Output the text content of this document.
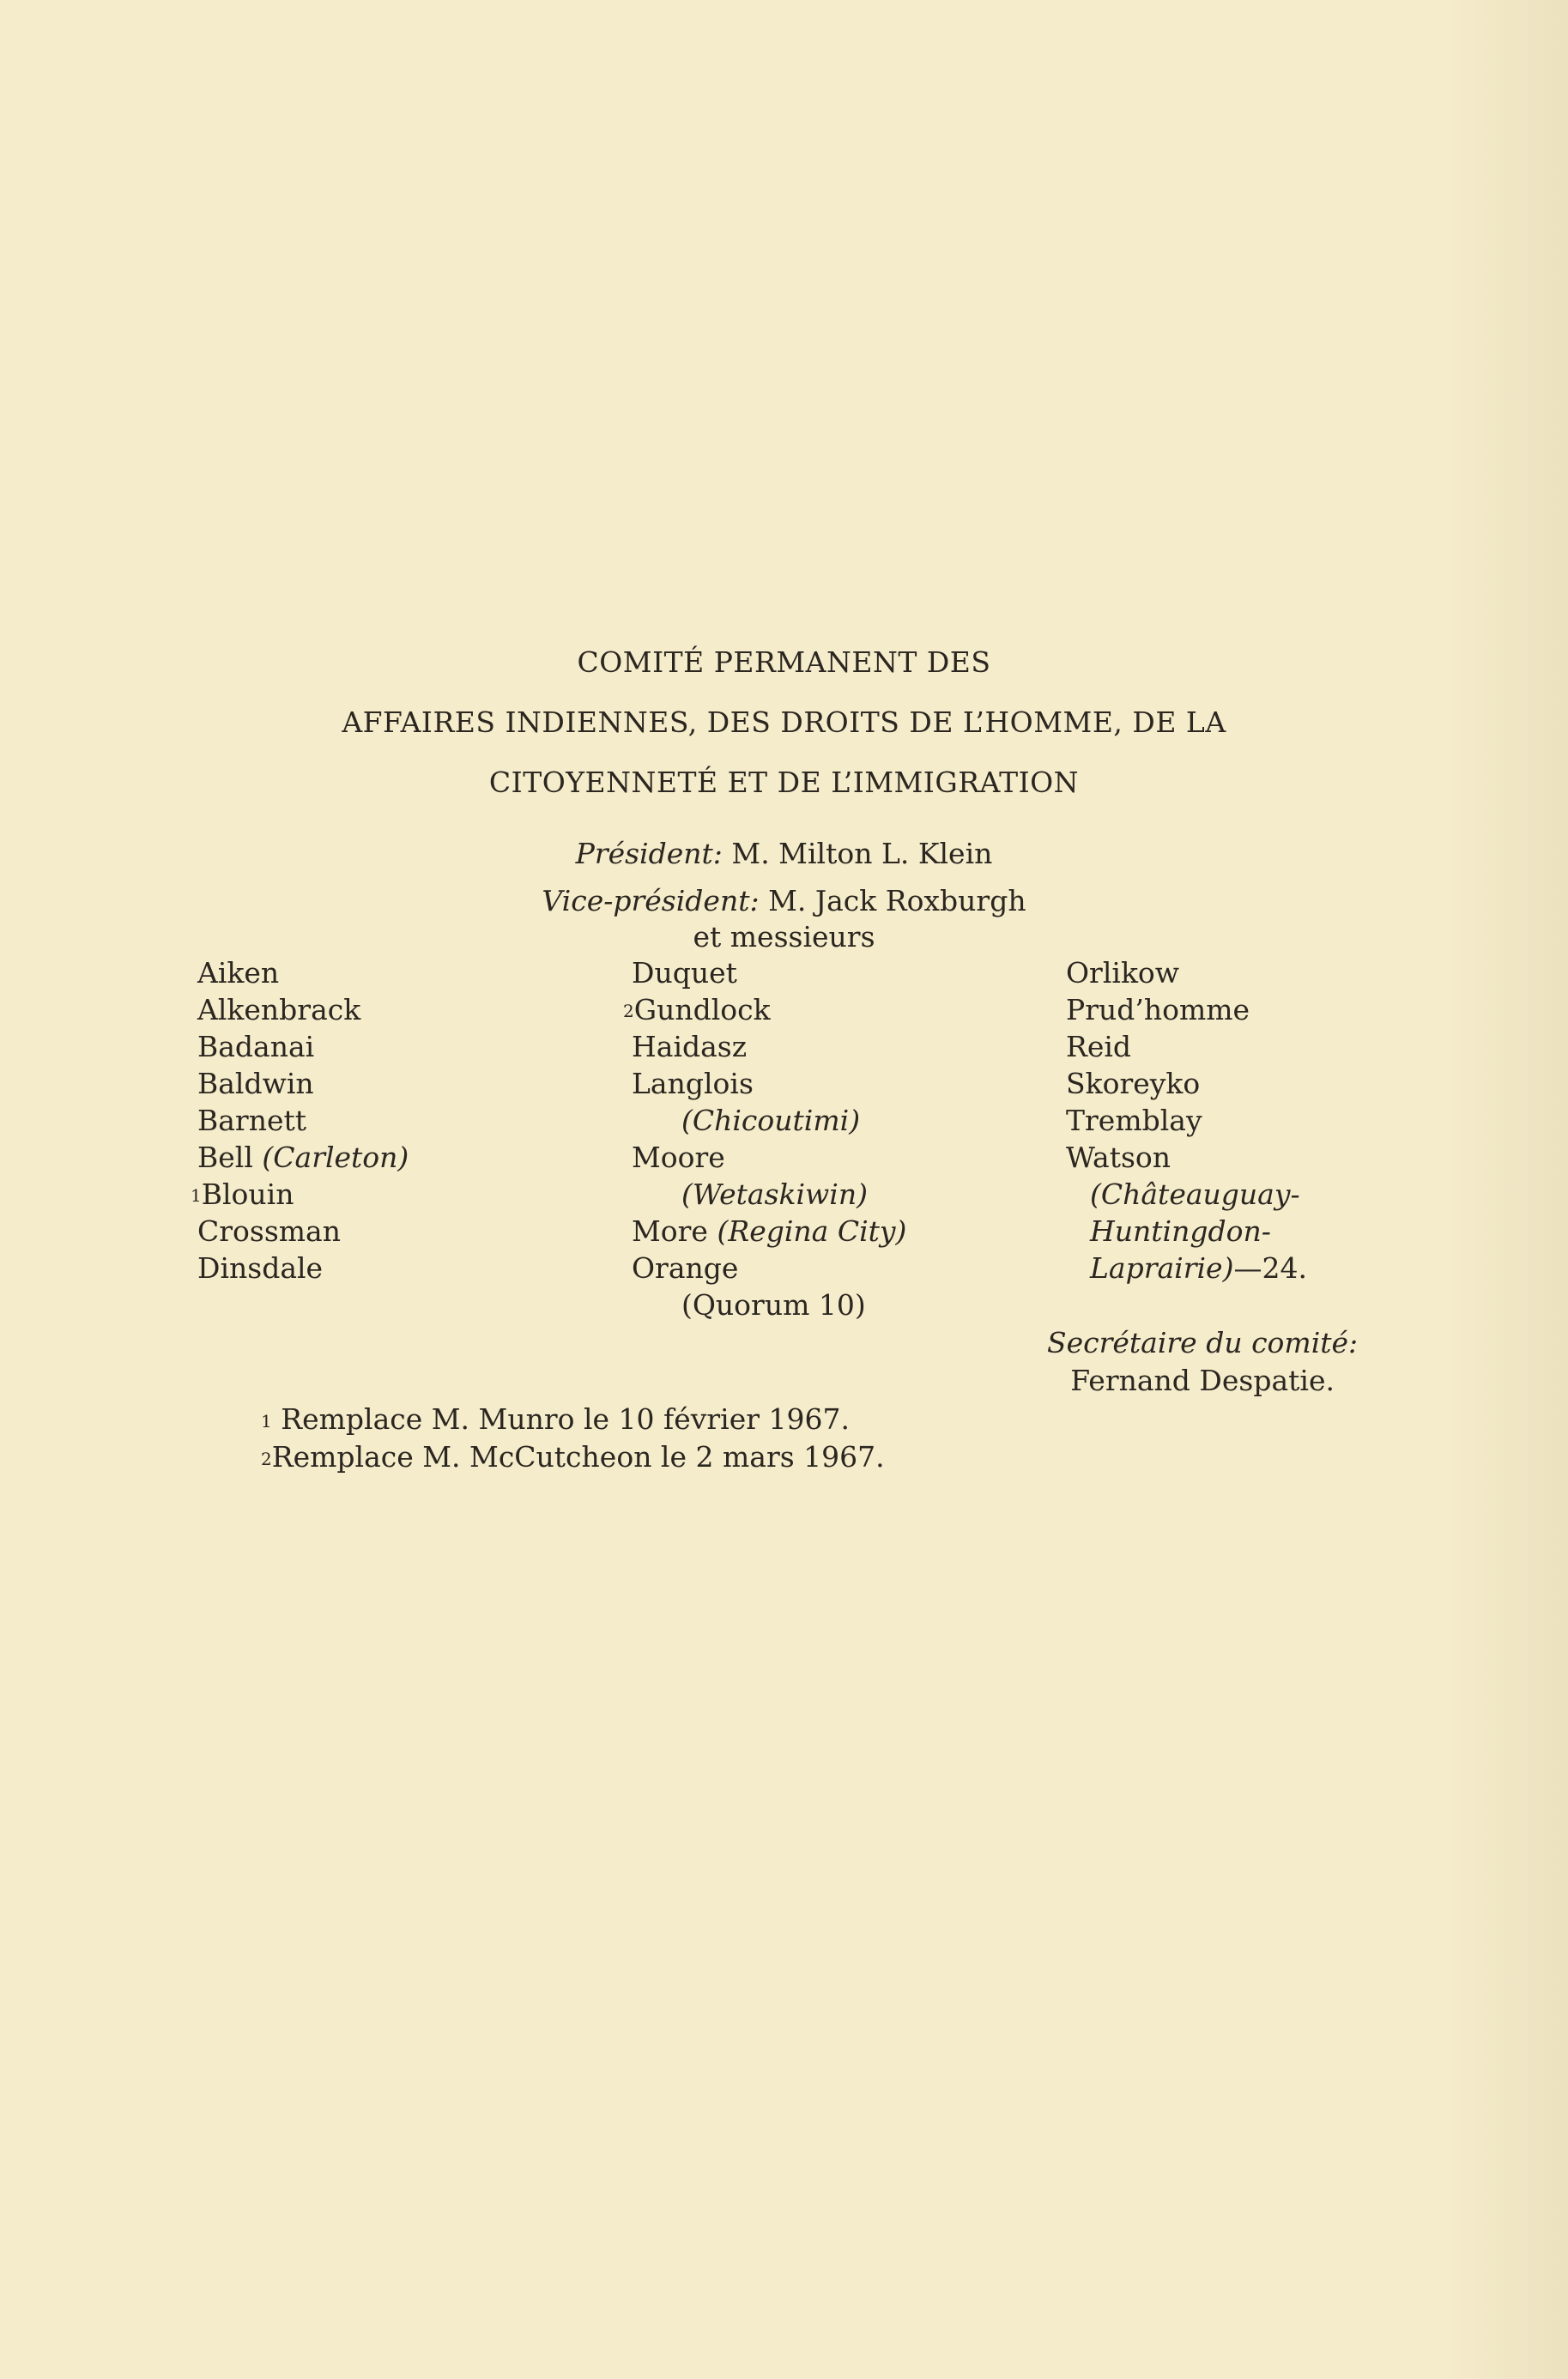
COMITÉ PERMANENT DES
AFFAIRES INDIENNES, DES DROITS DE L’HOMME, DE LA
CITOYENNETÉ ET DE L’IMMIGRATION
Président: M. Milton L. Klein
Vice-président: M. Jack Roxburgh
et messieurs
Aiken
Alkenbrack
Badanai
Baldwin
Barnett
Bell (Carleton)
$^1$Blouin
Crossman
Dinsdale
Duquet
$^2$Gundlock
Haidasz
Langlois
(Chicoutimi)
Moore
(Wetaskiwin)
More (Regina City)
Orange
(Quorum 10)
Orlikow
Prud’homme
Reid
Skoreyko
Tremblay
Watson
(Châteauguay-
Huntingdon-
Laprairie)—24.
Secrétaire du comité:
Fernand Despatie.
$^1$ Remplace M. Munro le 10 février 1967.
$^2$Remplace M. McCutcheon le 2 mars 1967.
